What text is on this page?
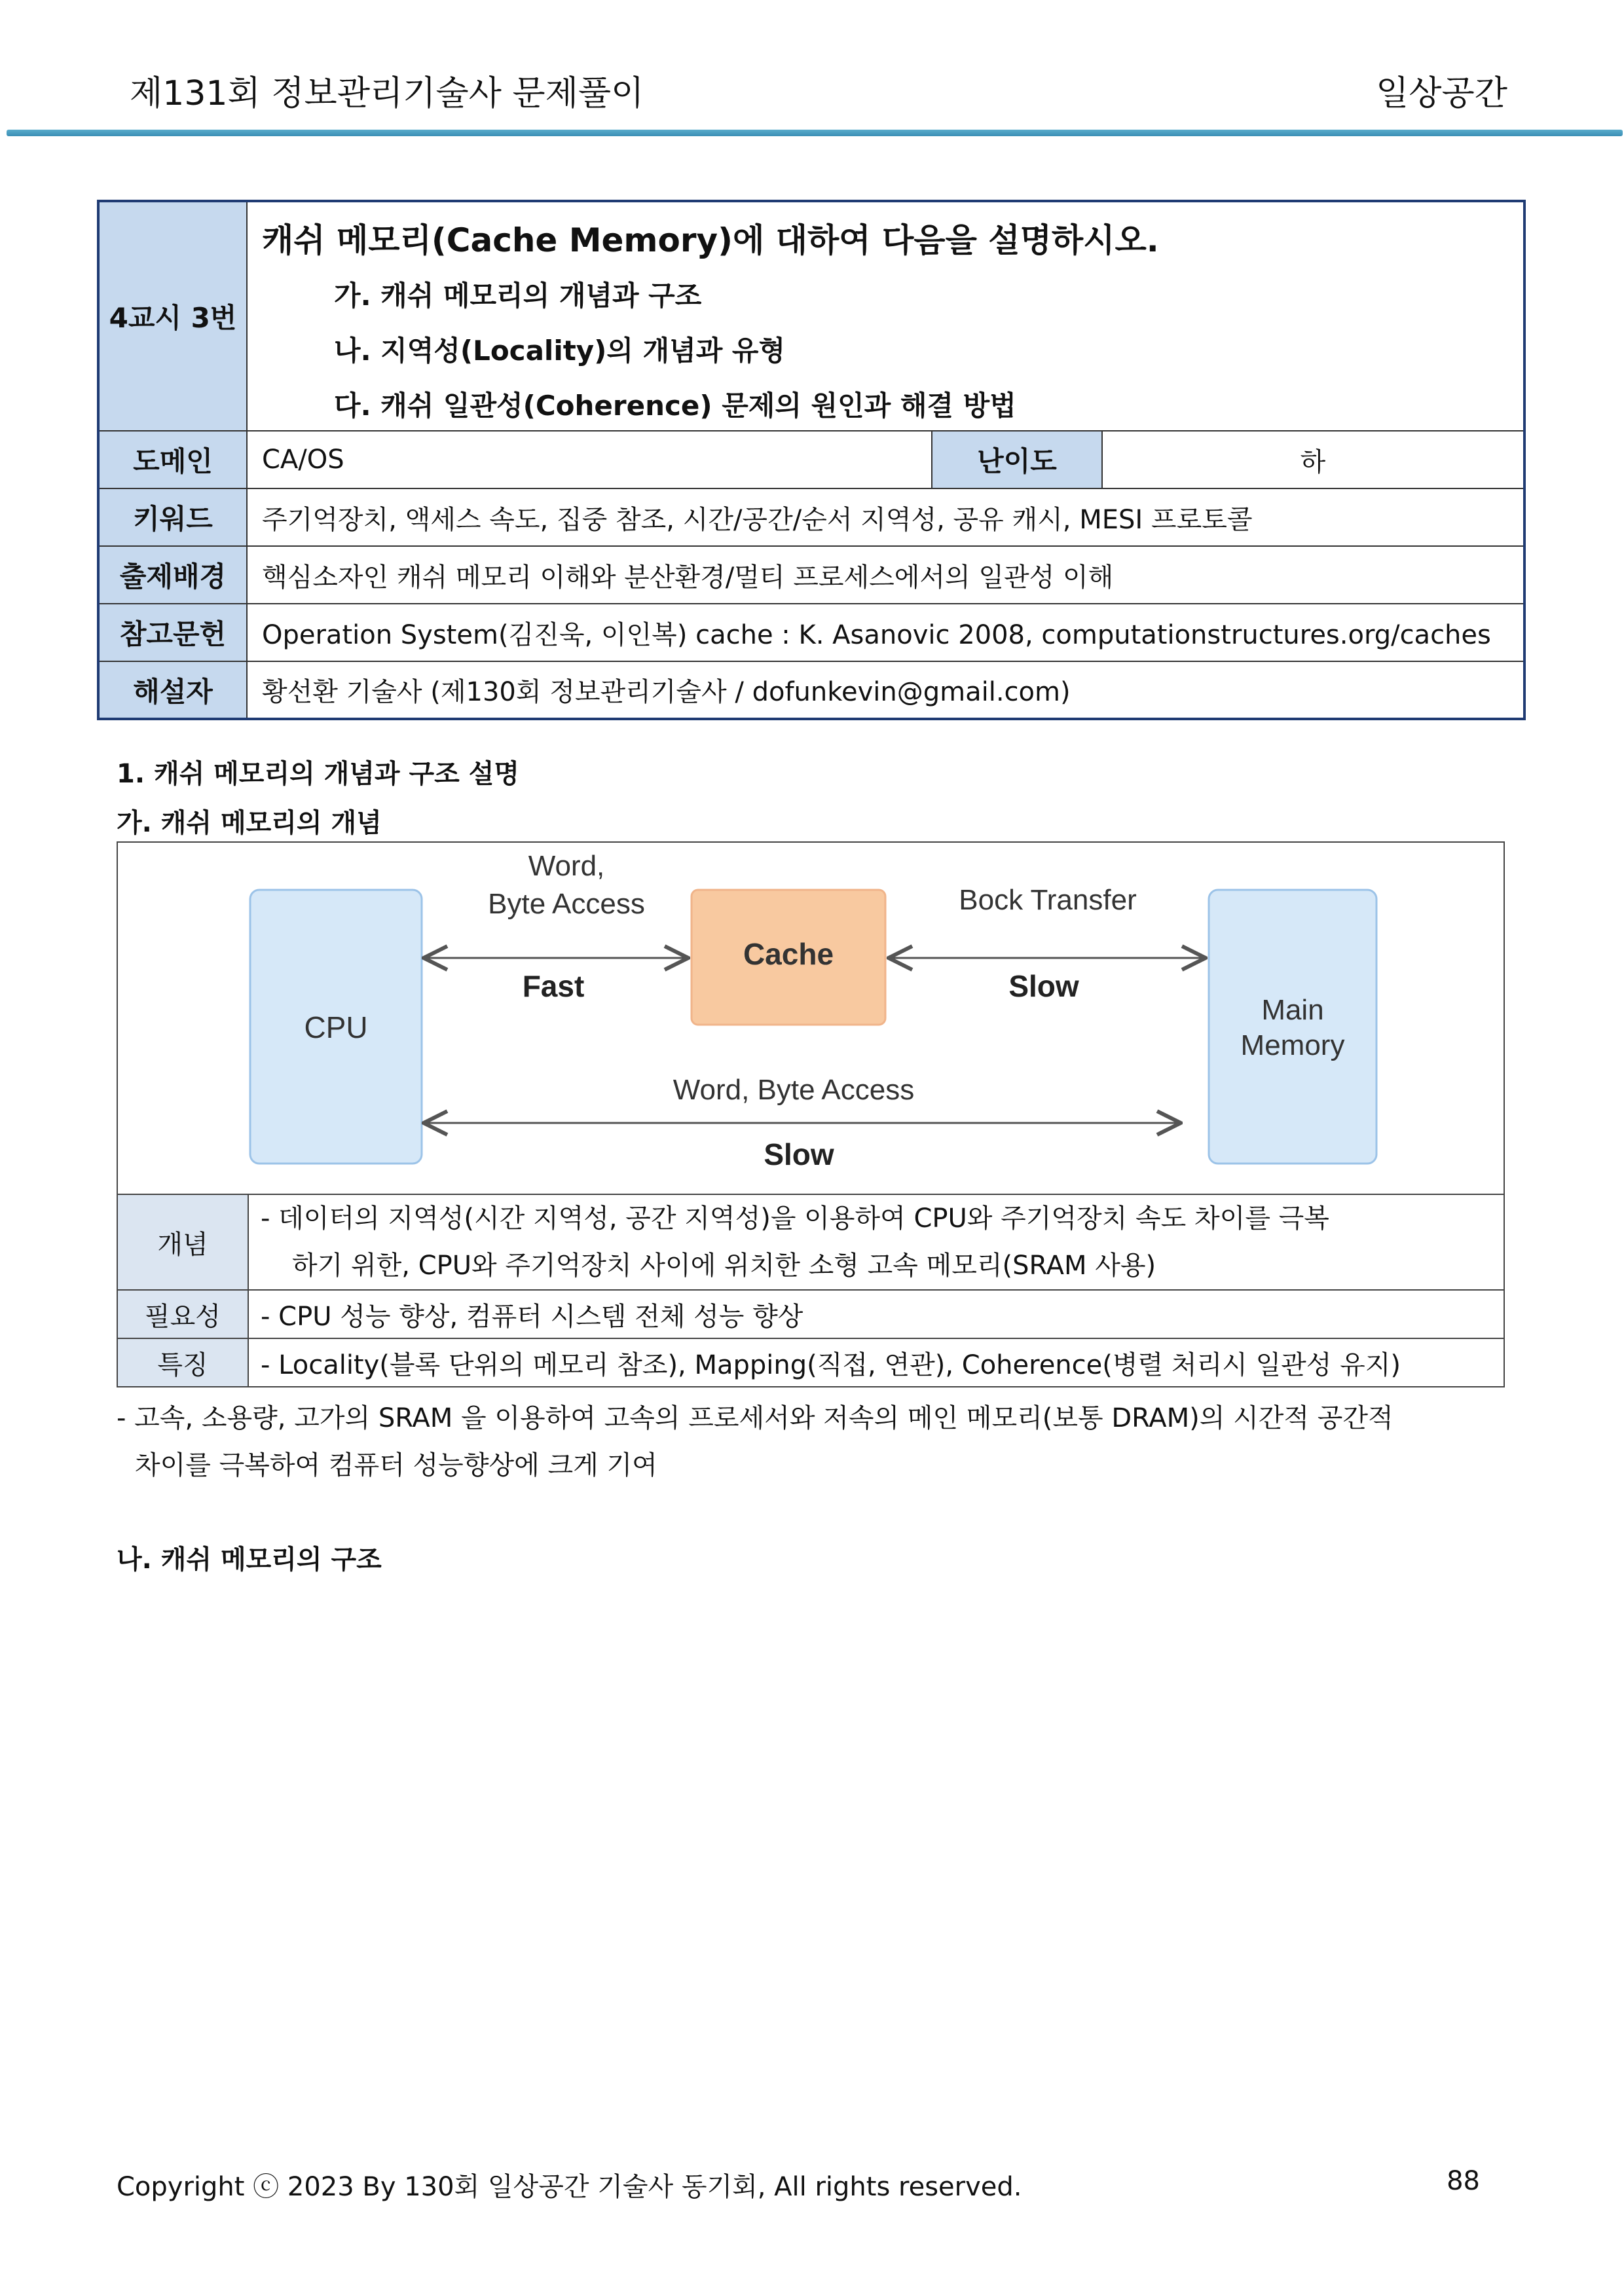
제131회 정보관리기술사 문제풀이	일상공간
4교시 3번	캐쉬 메모리(Cache Memory)에 대하여 다음을 설명하시오.
가. 캐쉬 메모리의 개념과 구조
나. 지역성(Locality)의 개념과 유형
다. 캐쉬 일관성(Coherence) 문제의 원인과 해결 방법		

도메인	CA/OS	난이도	하
키워드	주기억장치, 액세스 속도, 집중 참조, 시간/공간/순서 지역성, 공유 캐시, MESI 프로토콜		
출제배경	핵심소자인 캐쉬 메모리 이해와 분산환경/멀티 프로세스에서의 일관성 이해		
참고문헌	Operation System(김진욱, 이인복) cache : K. Asanovic 2008, computationstructures.org/caches		
해설자	황선환 기술사 (제130회 정보관리기술사 / dofunkevin@gmail.com)		
1. 캐쉬 메모리의 개념과 구조 설명
가. 캐쉬 메모리의 개념
CPU
Cache
Main
Memory
Word,
Byte Access
Fast
Bock Transfer
Slow
Word, Byte Access
Slow
개념	- 데이터의 지역성(시간 지역성, 공간 지역성)을 이용하여 CPU와 주기억장치 속도 차이를 극복
하기 위한, CPU와 주기억장치 사이에 위치한 소형 고속 메모리(SRAM 사용)

필요성	- CPU 성능 향상, 컴퓨터 시스템 전체 성능 향상
특징	- Locality(블록 단위의 메모리 참조), Mapping(직접, 연관), Coherence(병렬 처리시 일관성 유지)
- 고속, 소용량, 고가의 SRAM 을 이용하여 고속의 프로세서와 저속의 메인 메모리(보통 DRAM)의 시간적 공간적
차이를 극복하여 컴퓨터 성능향상에 크게 기여
나. 캐쉬 메모리의 구조
Copyright ⓒ 2023 By 130회 일상공간 기술사 동기회, All rights reserved.	88
